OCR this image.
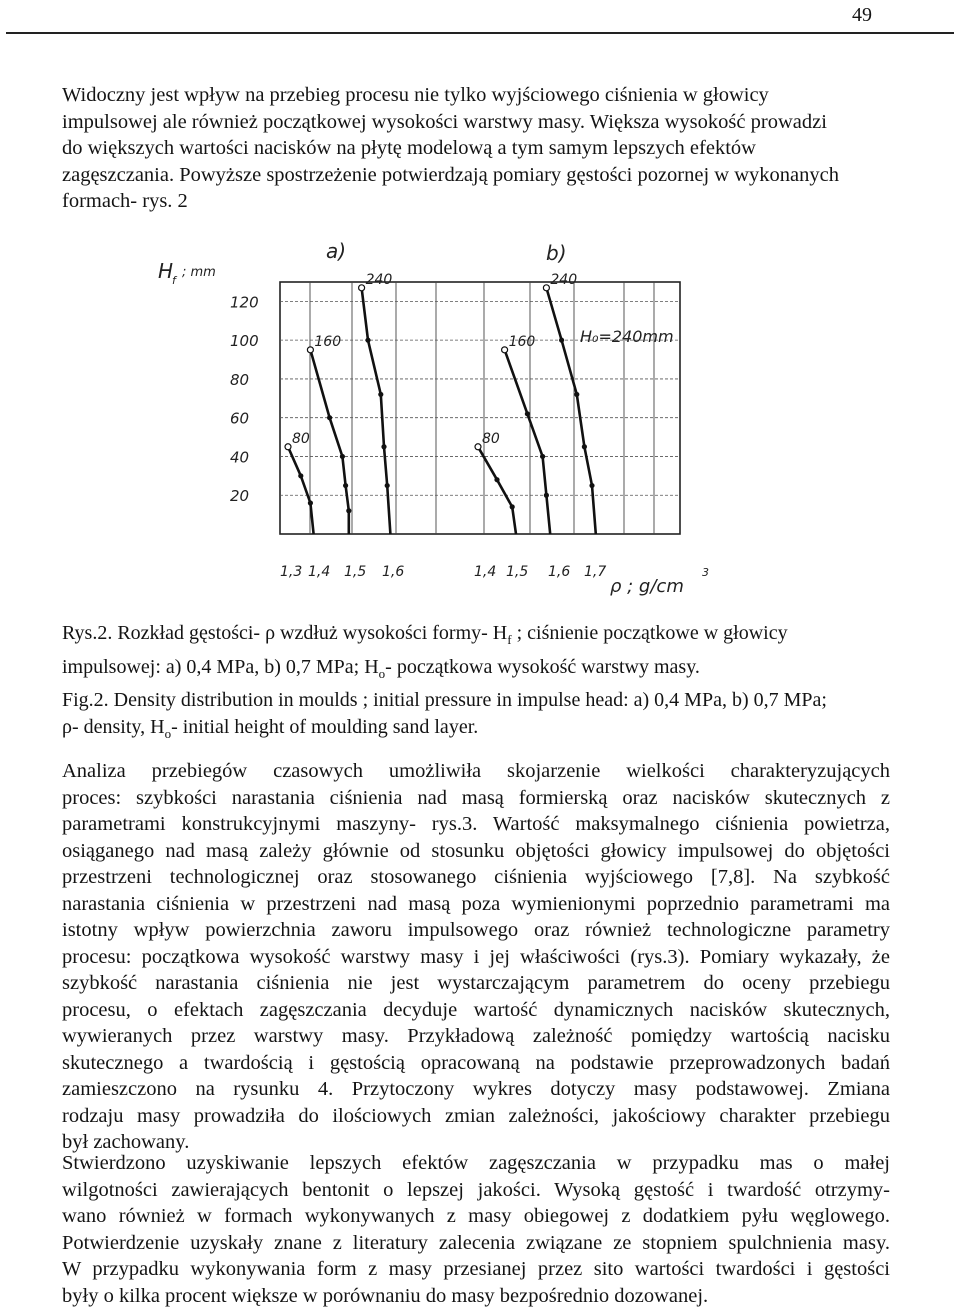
49
Widoczny jest wpływ na przebieg procesu nie tylko wyjściowego ciśnienia w głowicy
impulsowej ale również początkowej wysokości warstwy masy. Większa wysokość prowadzi
do większych wartości nacisków na płytę modelową a tym samym lepszych efektów
zagęszczania. Powyższe spostrzeżenie potwierdzają pomiary gęstości pozornej w wykonanych
formach- rys. 2
120
100
80
60
40
20
H
f
; mm
a)	b)
1,3 1,4 1,5 1,6	1,4 1,5 1,6 1,7
ρ ; g/cm
3
H₀=240mm
80
160
240
80
160
240
Rys.2. Rozkład gęstości- ρ wzdłuż wysokości formy- $H_f$ ; ciśnienie początkowe w głowicy
impulsowej: a) 0,4 MPa, b) 0,7 MPa; $H_o-$ początkowa wysokość warstwy masy.
Fig.2. Density distribution in moulds ; initial pressure in impulse head: a) 0,4 MPa, b) 0,7 MPa;
ρ- density, $H_o-$ initial height of moulding sand layer.
Analiza przebiegów czasowych umożliwiła skojarzenie wielkości charakteryzujących
proces: szybkości narastania ciśnienia nad masą formierską oraz nacisków skutecznych z
parametrami konstrukcyjnymi maszyny- rys.3. Wartość maksymalnego ciśnienia powietrza,
osiąganego nad masą zależy głównie od stosunku objętości głowicy impulsowej do objętości
przestrzeni technologicznej oraz stosowanego ciśnienia wyjściowego [7,8]. Na szybkość
narastania ciśnienia w przestrzeni nad masą poza wymienionymi poprzednio parametrami ma
istotny wpływ powierzchnia zaworu impulsowego oraz również technologiczne parametry
procesu: początkowa wysokość warstwy masy i jej właściwości (rys.3). Pomiary wykazały, że
szybkość narastania ciśnienia nie jest wystarczającym parametrem do oceny przebiegu
procesu, o efektach zagęszczania decyduje wartość dynamicznych nacisków skutecznych,
wywieranych przez warstwy masy. Przykładową zależność pomiędzy wartością nacisku
skutecznego a twardością i gęstością opracowaną na podstawie przeprowadzonych badań
zamieszczono na rysunku 4. Przytoczony wykres dotyczy masy podstawowej. Zmiana
rodzaju masy prowadziła do ilościowych zmian zależności, jakościowy charakter przebiegu
był zachowany.
Stwierdzono uzyskiwanie lepszych efektów zagęszczania w przypadku mas o małej
wilgotności zawierających bentonit o lepszej jakości. Wysoką gęstość i twardość otrzymy-
wano również w formach wykonywanych z masy obiegowej z dodatkiem pyłu węglowego.
Potwierdzenie uzyskały znane z literatury zalecenia związane ze stopniem spulchnienia masy.
W przypadku wykonywania form z masy przesianej przez sito wartości twardości i gęstości
były o kilka procent większe w porównaniu do masy bezpośrednio dozowanej.
